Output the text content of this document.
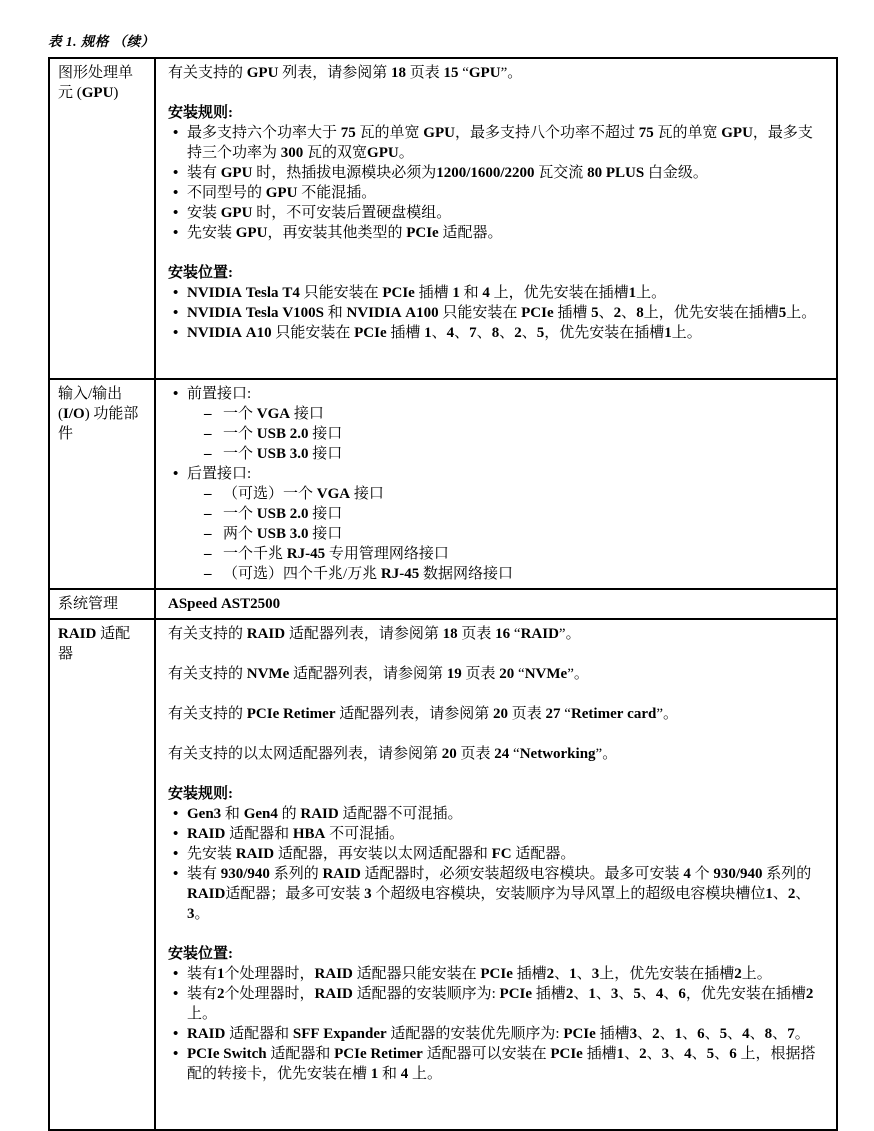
表 1. 规格 （续）
图形处理单元 (GPU)	
有关支持的 GPU 列表，请参阅第 18 页表 15 “GPU”。
安装规则:
• 最多支持六个功率大于 75 瓦的单宽 GPU，最多支持八个功率不超过 75 瓦的单宽 GPU，最多支持三个功率为 300 瓦的双宽GPU。
• 装有 GPU 时，热插拔电源模块必须为1200/1600/2200 瓦交流 80 PLUS 白金级。
• 不同型号的 GPU 不能混插。
• 安装 GPU 时，不可安装后置硬盘模组。
• 先安装 GPU，再安装其他类型的 PCIe 适配器。
安装位置:
• NVIDIA Tesla T4 只能安装在 PCIe 插槽 1 和 4 上，优先安装在插槽1上。
• NVIDIA Tesla V100S 和 NVIDIA A100 只能安装在 PCIe 插槽 5、2、8上，优先安装在插槽5上。
• NVIDIA A10 只能安装在 PCIe 插槽 1、4、7、8、2、5，优先安装在插槽1上。

输入/输出 (I/O) 功能部件	
• 前置接口:
– 一个 VGA 接口
– 一个 USB 2.0 接口
– 一个 USB 3.0 接口
• 后置接口:
– （可选）一个 VGA 接口
– 一个 USB 2.0 接口
– 两个 USB 3.0 接口
– 一个千兆 RJ-45 专用管理网络接口
– （可选）四个千兆/万兆 RJ-45 数据网络接口

系统管理	ASpeed AST2500

RAID 适配器	
有关支持的 RAID 适配器列表，请参阅第 18 页表 16 “RAID”。
有关支持的 NVMe 适配器列表，请参阅第 19 页表 20 “NVMe”。
有关支持的 PCIe Retimer 适配器列表，请参阅第 20 页表 27 “Retimer card”。
有关支持的以太网适配器列表，请参阅第 20 页表 24 “Networking”。
安装规则:
• Gen3 和 Gen4 的 RAID 适配器不可混插。
• RAID 适配器和 HBA 不可混插。
• 先安装 RAID 适配器，再安装以太网适配器和 FC 适配器。
• 装有 930/940 系列的 RAID 适配器时，必须安装超级电容模块。最多可安装 4 个 930/940 系列的RAID适配器；最多可安装 3 个超级电容模块，安装顺序为导风罩上的超级电容模块槽位1、2、3。
安装位置:
• 装有1个处理器时，RAID 适配器只能安装在 PCIe 插槽2、1、3上，优先安装在插槽2上。
• 装有2个处理器时，RAID 适配器的安装顺序为: PCIe 插槽2、1、3、5、4、6，优先安装在插槽2上。
• RAID 适配器和 SFF Expander 适配器的安装优先顺序为: PCIe 插槽3、2、1、6、5、4、8、7。
• PCIe Switch 适配器和 PCIe Retimer 适配器可以安装在 PCIe 插槽1、2、3、4、5、6 上，根据搭配的转接卡，优先安装在槽 1 和 4 上。
